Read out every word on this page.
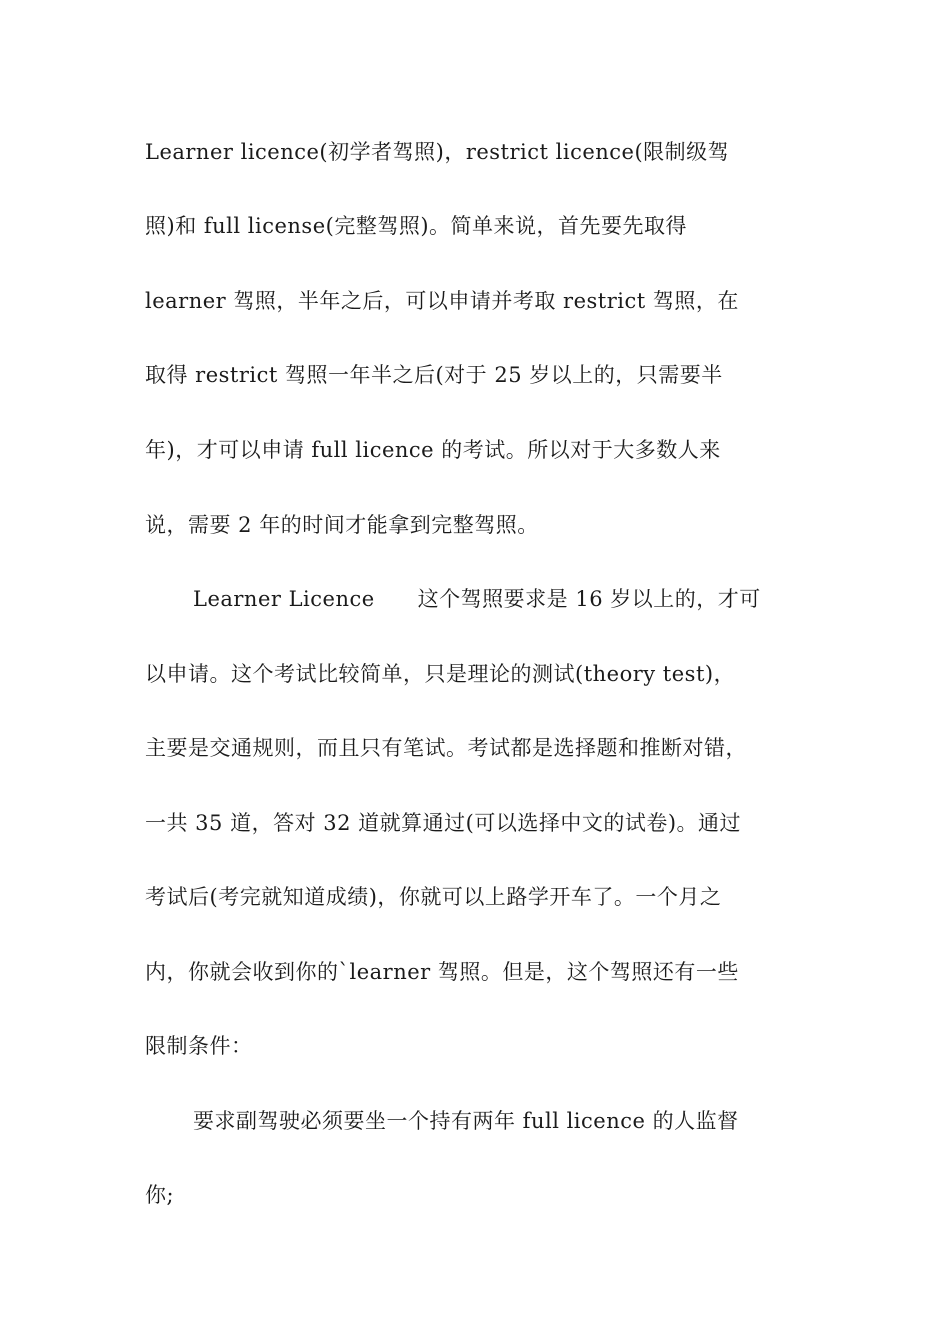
Learner licence(初学者驾照)，restrict licence(限制级驾
照)和 full license(完整驾照)。简单来说，首先要先取得
learner 驾照，半年之后，可以申请并考取 restrict 驾照，在
取得 restrict 驾照一年半之后(对于 25 岁以上的，只需要半
年)，才可以申请 full licence 的考试。所以对于大多数人来
说，需要 2 年的时间才能拿到完整驾照。
Learner Licence　　这个驾照要求是 16 岁以上的，才可
以申请。这个考试比较简单，只是理论的测试(theory test)，
主要是交通规则，而且只有笔试。考试都是选择题和推断对错，
一共 35 道，答对 32 道就算通过(可以选择中文的试卷)。通过
考试后(考完就知道成绩)，你就可以上路学开车了。一个月之
内，你就会收到你的`learner 驾照。但是，这个驾照还有一些
限制条件：
要求副驾驶必须要坐一个持有两年 full licence 的人监督
你;
